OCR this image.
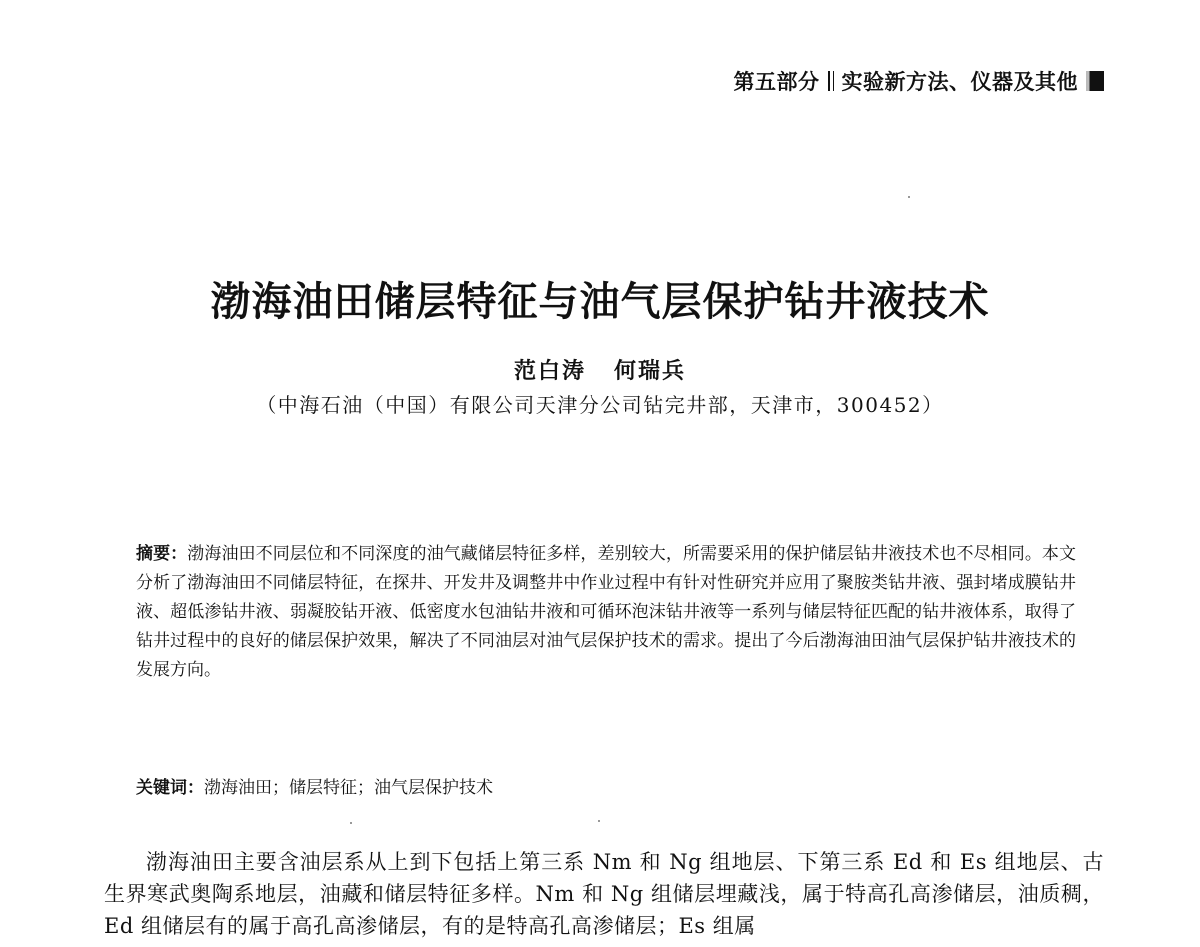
第五部分 实验新方法、仪器及其他
渤海油田储层特征与油气层保护钻井液技术
范白涛 何瑞兵
（中海石油（中国）有限公司天津分公司钻完井部，天津市，300452）
摘要：渤海油田不同层位和不同深度的油气藏储层特征多样，差别较大，所需要采用的保护储层钻井液技术也不尽相同。本文分析了渤海油田不同储层特征，在探井、开发井及调整井中作业过程中有针对性研究并应用了聚胺类钻井液、强封堵成膜钻井液、超低渗钻井液、弱凝胶钻开液、低密度水包油钻井液和可循环泡沫钻井液等一系列与储层特征匹配的钻井液体系，取得了钻井过程中的良好的储层保护效果，解决了不同油层对油气层保护技术的需求。提出了今后渤海油田油气层保护钻井液技术的发展方向。
关键词：渤海油田；储层特征；油气层保护技术
渤海油田主要含油层系从上到下包括上第三系 Nm 和 Ng 组地层、下第三系 Ed 和 Es 组地层、古生界寒武奥陶系地层，油藏和储层特征多样。Nm 和 Ng 组储层埋藏浅，属于特高孔高渗储层，油质稠，Ed 组储层有的属于高孔高渗储层，有的是特高孔高渗储层；Es 组属
